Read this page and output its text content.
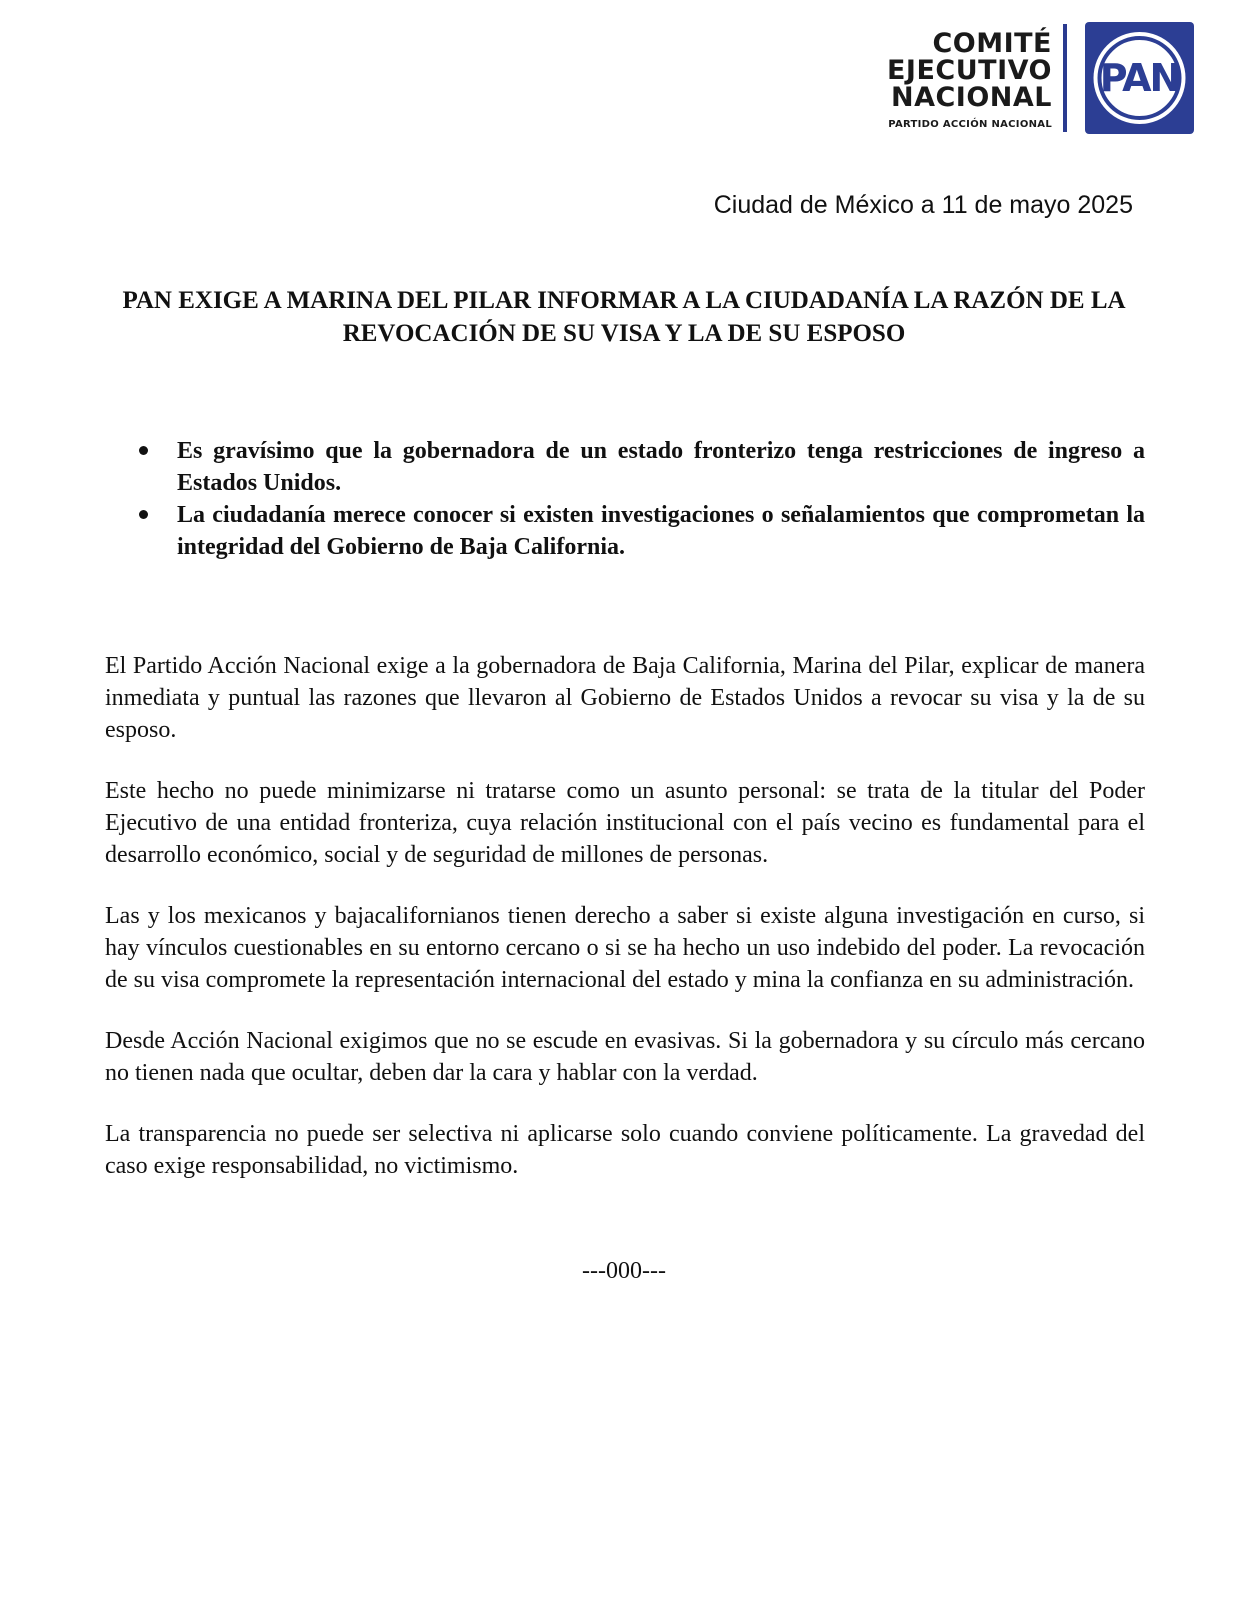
COMITÉ
EJECUTIVO
NACIONAL
PARTIDO ACCIÓN NACIONAL
PAN
Ciudad de México a 11 de mayo 2025
PAN EXIGE A MARINA DEL PILAR INFORMAR A LA CIUDADANÍA LA RAZÓN DE LA REVOCACIÓN DE SU VISA Y LA DE SU ESPOSO
Es gravísimo que la gobernadora de un estado fronterizo tenga restricciones de ingreso a Estados Unidos.
La ciudadanía merece conocer si existen investigaciones o señalamientos que comprometan la integridad del Gobierno de Baja California.

El Partido Acción Nacional exige a la gobernadora de Baja California, Marina del Pilar, explicar de manera inmediata y puntual las razones que llevaron al Gobierno de Estados Unidos a revocar su visa y la de su esposo.

Este hecho no puede minimizarse ni tratarse como un asunto personal: se trata de la titular del Poder Ejecutivo de una entidad fronteriza, cuya relación institucional con el país vecino es fundamental para el desarrollo económico, social y de seguridad de millones de personas.

Las y los mexicanos y bajacalifornianos tienen derecho a saber si existe alguna investigación en curso, si hay vínculos cuestionables en su entorno cercano o si se ha hecho un uso indebido del poder. La revocación de su visa compromete la representación internacional del estado y mina la confianza en su administración.

Desde Acción Nacional exigimos que no se escude en evasivas. Si la gobernadora y su círculo más cercano no tienen nada que ocultar, deben dar la cara y hablar con la verdad.

La transparencia no puede ser selectiva ni aplicarse solo cuando conviene políticamente. La gravedad del caso exige responsabilidad, no victimismo.

---000---
